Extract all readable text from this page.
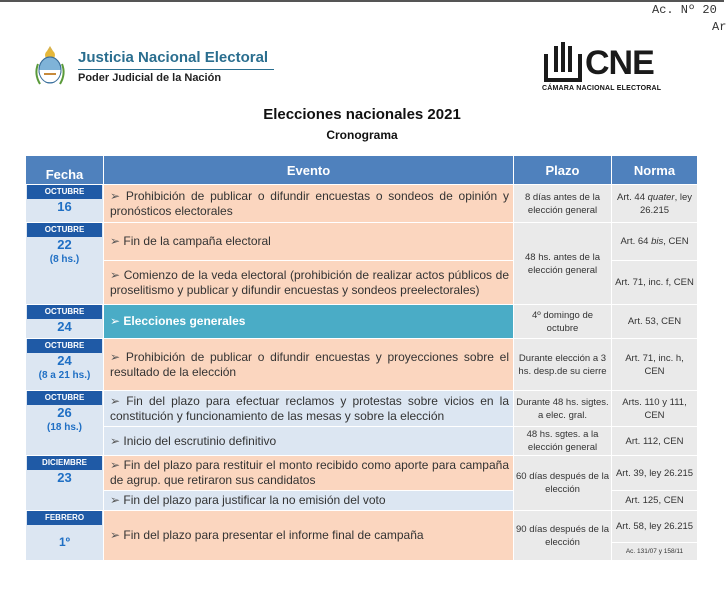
Ac. Nº 20
Ar
Justicia Nacional Electoral
Poder Judicial de la Nación	CNE
CÁMARA NACIONAL ELECTORAL
Elecciones nacionales 2021
Cronograma
Fecha	Evento	Plazo	Norma

OCTUBRE
16	➢ Prohibición de publicar o difundir encuestas o sondeos de opinión y pronósticos electorales	8 días antes de la elección general	Art. 44 quater, ley 26.215

OCTUBRE
22
(8 hs.)	➢ Fin de la campaña electoral	48 hs. antes de la elección general	Art. 64 bis, CEN
	➢ Comienzo de la veda electoral (prohibición de realizar actos públicos de proselitismo y publicar y difundir encuestas y sondeos preelectorales)		Art. 71, inc. f, CEN

OCTUBRE
24	➢ Elecciones generales	4º domingo de octubre	Art. 53, CEN

OCTUBRE
24
(8 a 21 hs.)	➢ Prohibición de publicar o difundir encuestas y proyecciones sobre el resultado de la elección	Durante elección a 3 hs. desp.de su cierre	Art. 71, inc. h, CEN

OCTUBRE
26
(18 hs.)	➢ Fin del plazo para efectuar reclamos y protestas sobre vicios en la constitución y funcionamiento de las mesas y sobre la elección	Durante 48 hs. sigtes. a elec. gral.	Arts. 110 y 111, CEN
	➢ Inicio del escrutinio definitivo	48 hs. sgtes. a la elección general	Art. 112, CEN

DICIEMBRE
23	➢ Fin del plazo para restituir el monto recibido como aporte para campaña de agrup. que retiraron sus candidatos	60 días después de la elección	Art. 39, ley 26.215
	➢ Fin del plazo para justificar la no emisión del voto		Art. 125, CEN

FEBRERO
1º	➢ Fin del plazo para presentar el informe final de campaña	90 días después de la elección	Art. 58, ley 26.215
			Ac. 131/07 y 158/11
